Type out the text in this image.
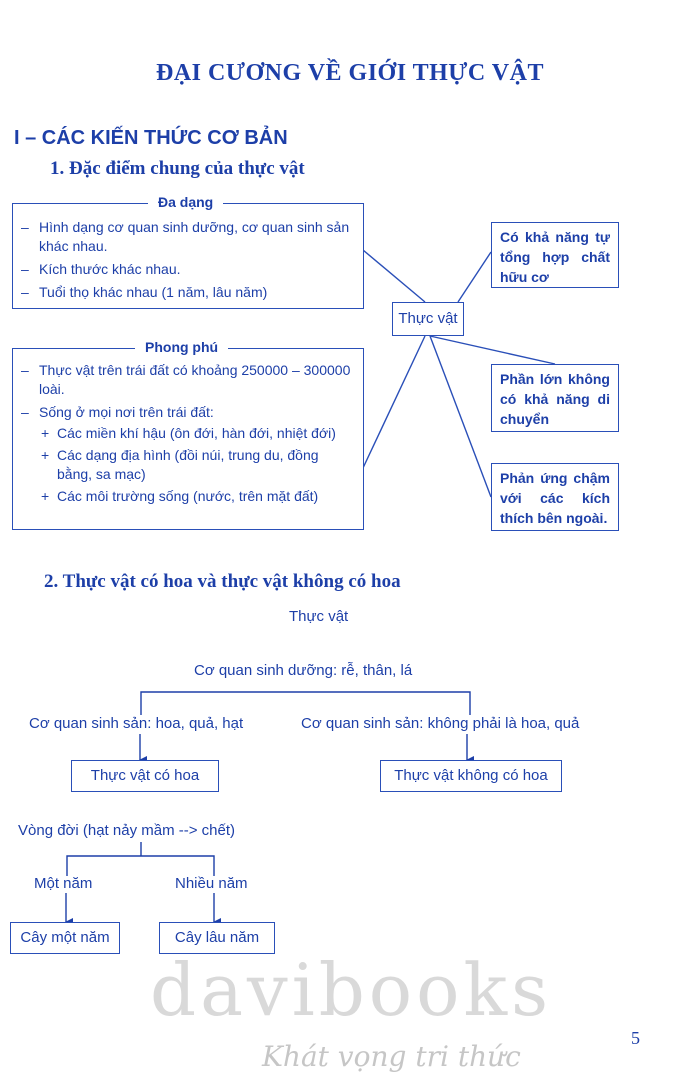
ĐẠI CƯƠNG VỀ GIỚI THỰC VẬT
I – CÁC KIẾN THỨC CƠ BẢN
1. Đặc điểm chung của thực vật
Đa dạng
– Hình dạng cơ quan sinh dưỡng, cơ quan sinh sản khác nhau.
– Kích thước khác nhau.
– Tuổi thọ khác nhau (1 năm, lâu năm)
Thực vật
Phong phú
– Thực vật trên trái đất có khoảng 250000 – 300000 loài.
– Sống ở mọi nơi trên trái đất:
+ Các miền khí hậu (ôn đới, hàn đới, nhiệt đới)
+ Các dạng địa hình (đồi núi, trung du, đồng bằng, sa mạc)
+ Các môi trường sống (nước, trên mặt đất)
Có khả năng tự tổng hợp chất hữu cơ
Phần lớn không có khả năng di chuyển
Phản ứng chậm với các kích thích bên ngoài.
2. Thực vật có hoa và thực vật không có hoa
Thực vật
Cơ quan sinh dưỡng: rễ, thân, lá
Cơ quan sinh sản: hoa, quả, hạt	Cơ quan sinh sản: không phải là hoa, quả
Thực vật có hoa	Thực vật không có hoa
Vòng đời (hạt nảy mầm --> chết)
Một năm	Nhiều năm
Cây một năm	Cây lâu năm
davibooks
Khát vọng tri thức
5
